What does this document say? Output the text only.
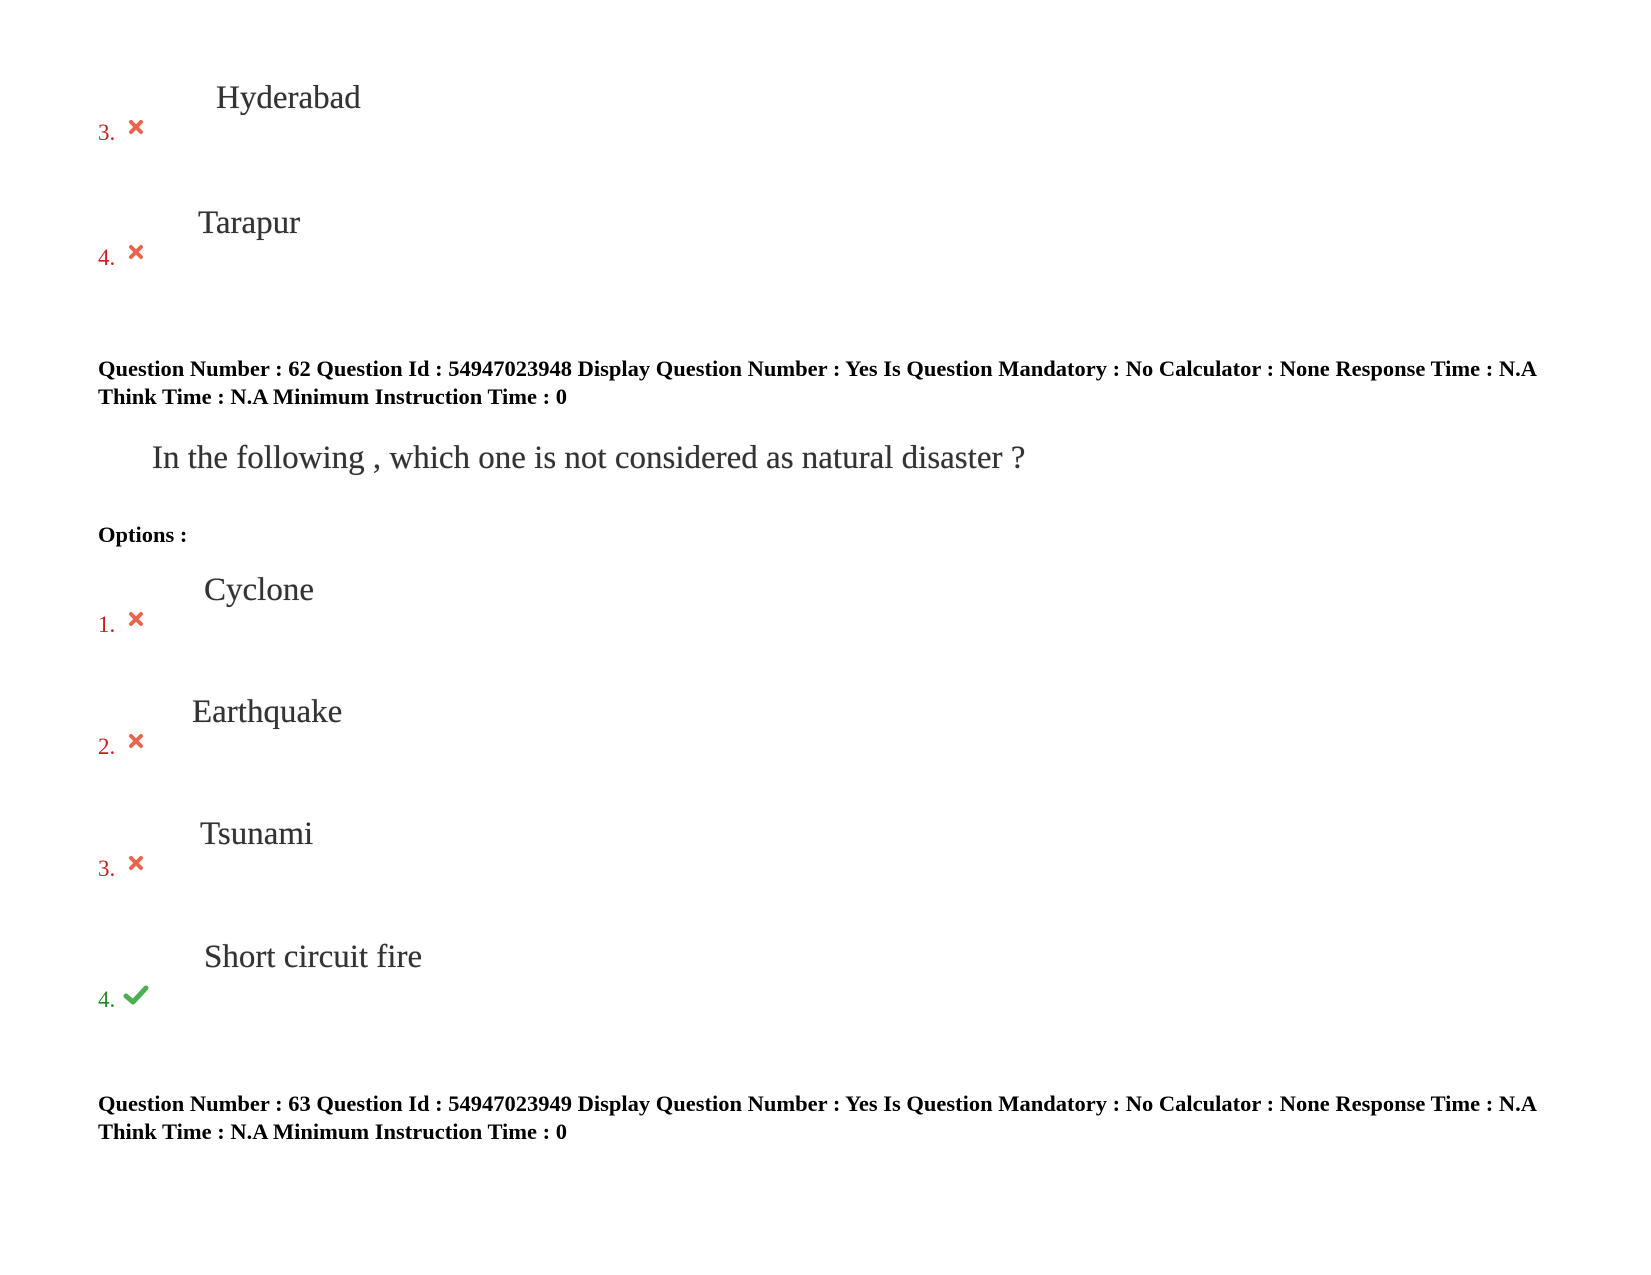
Hyderabad
3.
Tarapur
4.
Question Number : 62 Question Id : 54947023948 Display Question Number : Yes Is Question Mandatory : No Calculator : None Response Time : N.A Think Time : N.A Minimum Instruction Time : 0
In the following , which one is not considered as natural disaster ?
Options :
Cyclone
1.
Earthquake
2.
Tsunami
3.
Short circuit fire
4.
Question Number : 63 Question Id : 54947023949 Display Question Number : Yes Is Question Mandatory : No Calculator : None Response Time : N.A Think Time : N.A Minimum Instruction Time : 0
